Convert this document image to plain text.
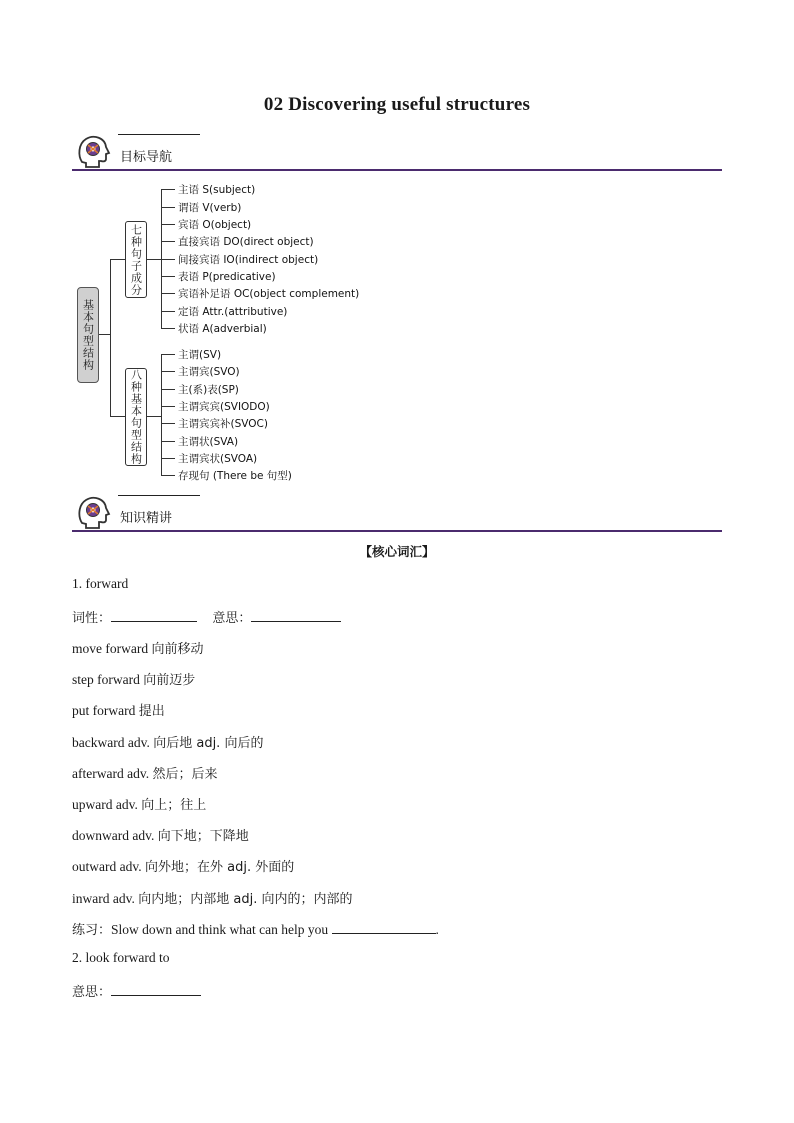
02 Discovering useful structures
目标导航
基本句型结构
七种句子成分
八种基本句型结构
主语 S(subject)
谓语 V(verb)
宾语 O(object)
直接宾语 DO(direct object)
间接宾语 IO(indirect object)
表语 P(predicative)
宾语补足语 OC(object complement)
定语 Attr.(attributive)
状语 A(adverbial)
主谓(SV)
主谓宾(SVO)
主(系)表(SP)
主谓宾宾(SVIODO)
主谓宾宾补(SVOC)
主谓状(SVA)
主谓宾状(SVOA)
存现句 (There be 句型)
知识精讲
【核心词汇】
1. forward
词性：	意思：
move forward 向前移动
step forward 向前迈步
put forward 提出
backward adv. 向后地 adj. 向后的
afterward adv. 然后；后来
upward adv. 向上；往上
downward adv. 向下地；下降地
outward adv. 向外地；在外 adj. 外面的
inward adv. 向内地；内部地 adj. 向内的；内部的
练习：Slow down and think what can help you	.
2. look forward to
意思：
